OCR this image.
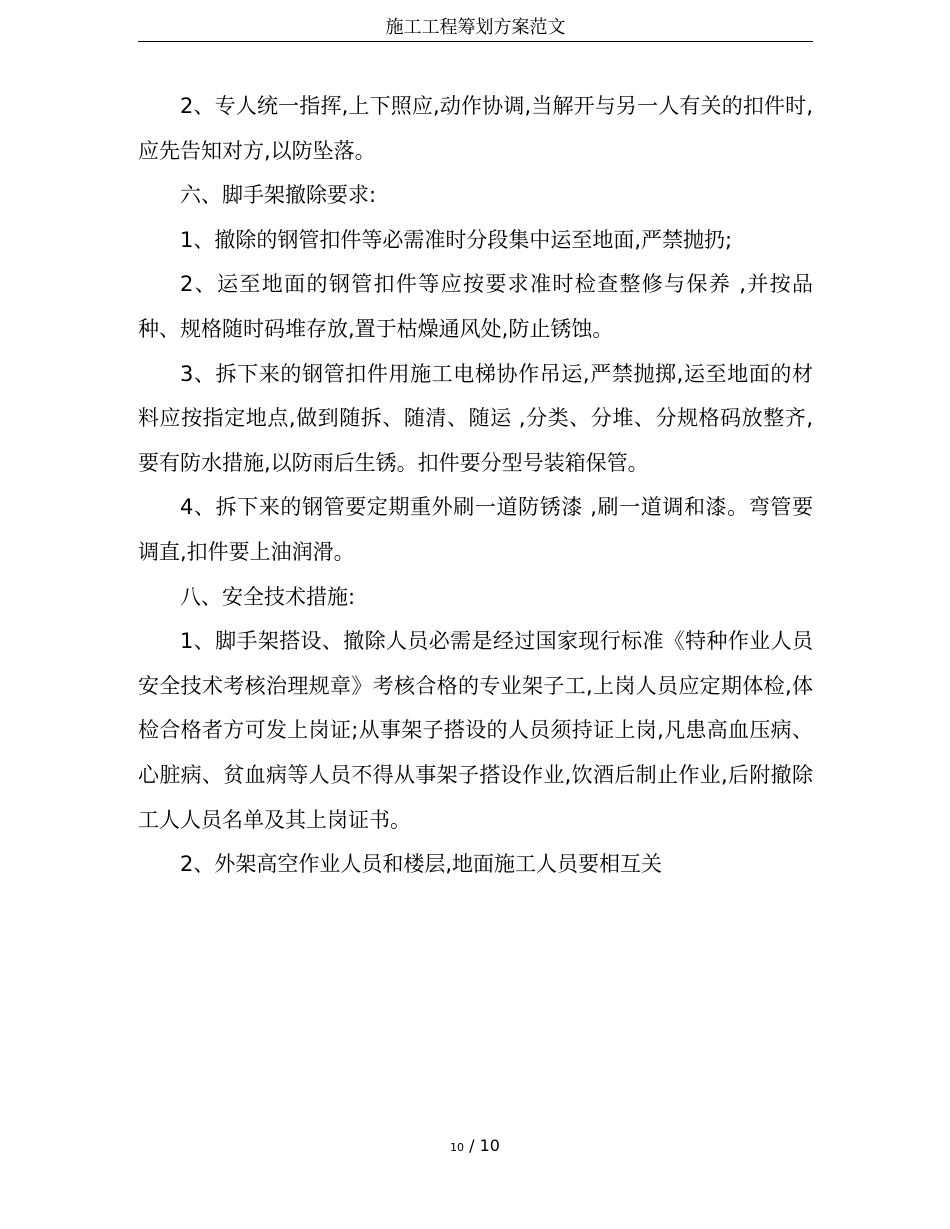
施工工程筹划方案范文

2、专人统一指挥,上下照应,动作协调,当解开与另一人有关的扣件时,应先告知对方,以防坠落。

六、脚手架撤除要求:

1、撤除的钢管扣件等必需准时分段集中运至地面,严禁抛扔;

2、运至地面的钢管扣件等应按要求准时检查整修与保养 ,并按品种、规格随时码堆存放,置于枯燥通风处,防止锈蚀。

3、拆下来的钢管扣件用施工电梯协作吊运,严禁抛掷,运至地面的材料应按指定地点,做到随拆、随清、随运 ,分类、分堆、分规格码放整齐,要有防水措施,以防雨后生锈。扣件要分型号装箱保管。

4、拆下来的钢管要定期重外刷一道防锈漆 ,刷一道调和漆。弯管要调直,扣件要上油润滑。

八、安全技术措施:

1、脚手架搭设、撤除人员必需是经过国家现行标准《特种作业人员安全技术考核治理规章》考核合格的专业架子工,上岗人员应定期体检,体检合格者方可发上岗证;从事架子搭设的人员须持证上岗,凡患高血压病、心脏病、贫血病等人员不得从事架子搭设作业,饮酒后制止作业,后附撤除工人人员名单及其上岗证书。

2、外架高空作业人员和楼层,地面施工人员要相互关

10 / 10
